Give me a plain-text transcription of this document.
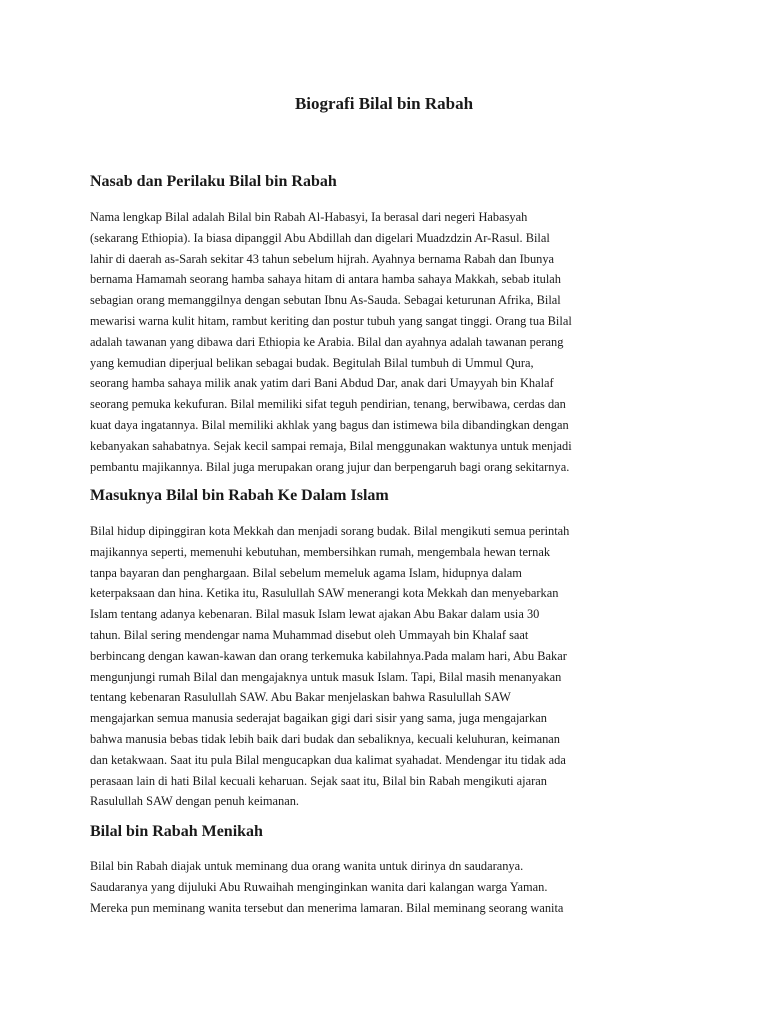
Biografi Bilal bin Rabah
Nasab dan Perilaku Bilal bin Rabah
Nama lengkap Bilal adalah Bilal bin Rabah Al-Habasyi, Ia berasal dari negeri Habasyah
(sekarang Ethiopia). Ia biasa dipanggil Abu Abdillah dan digelari Muadzdzin Ar-Rasul. Bilal
lahir di daerah as-Sarah sekitar 43 tahun sebelum hijrah. Ayahnya bernama Rabah dan Ibunya
bernama Hamamah seorang hamba sahaya hitam di antara hamba sahaya Makkah, sebab itulah
sebagian orang memanggilnya dengan sebutan Ibnu As-Sauda. Sebagai keturunan Afrika, Bilal
mewarisi warna kulit hitam, rambut keriting dan postur tubuh yang sangat tinggi. Orang tua Bilal
adalah tawanan yang dibawa dari Ethiopia ke Arabia. Bilal dan ayahnya adalah tawanan perang
yang kemudian diperjual belikan sebagai budak. Begitulah Bilal tumbuh di Ummul Qura,
seorang hamba sahaya milik anak yatim dari Bani Abdud Dar, anak dari Umayyah bin Khalaf
seorang pemuka kekufuran. Bilal memiliki sifat teguh pendirian, tenang, berwibawa, cerdas dan
kuat daya ingatannya. Bilal memiliki akhlak yang bagus dan istimewa bila dibandingkan dengan
kebanyakan sahabatnya. Sejak kecil sampai remaja, Bilal menggunakan waktunya untuk menjadi
pembantu majikannya. Bilal juga merupakan orang jujur dan berpengaruh bagi orang sekitarnya.
Masuknya Bilal bin Rabah Ke Dalam Islam
Bilal hidup dipinggiran kota Mekkah dan menjadi sorang budak. Bilal mengikuti semua perintah
majikannya seperti, memenuhi kebutuhan, membersihkan rumah, mengembala hewan ternak
tanpa bayaran dan penghargaan. Bilal sebelum memeluk agama Islam, hidupnya dalam
keterpaksaan dan hina. Ketika itu, Rasulullah SAW menerangi kota Mekkah dan menyebarkan
Islam tentang adanya kebenaran. Bilal masuk Islam lewat ajakan Abu Bakar dalam usia 30
tahun. Bilal sering mendengar nama Muhammad disebut oleh Ummayah bin Khalaf saat
berbincang dengan kawan-kawan dan orang terkemuka kabilahnya.Pada malam hari, Abu Bakar
mengunjungi rumah Bilal dan mengajaknya untuk masuk Islam. Tapi, Bilal masih menanyakan
tentang kebenaran Rasulullah SAW. Abu Bakar menjelaskan bahwa Rasulullah SAW
mengajarkan semua manusia sederajat bagaikan gigi dari sisir yang sama, juga mengajarkan
bahwa manusia bebas tidak lebih baik dari budak dan sebaliknya, kecuali keluhuran, keimanan
dan ketakwaan. Saat itu pula Bilal mengucapkan dua kalimat syahadat. Mendengar itu tidak ada
perasaan lain di hati Bilal kecuali keharuan. Sejak saat itu, Bilal bin Rabah mengikuti ajaran
Rasulullah SAW dengan penuh keimanan.
Bilal bin Rabah Menikah
Bilal bin Rabah diajak untuk meminang dua orang wanita untuk dirinya dn saudaranya.
Saudaranya yang dijuluki Abu Ruwaihah menginginkan wanita dari kalangan warga Yaman.
Mereka pun meminang wanita tersebut dan menerima lamaran. Bilal meminang seorang wanita
